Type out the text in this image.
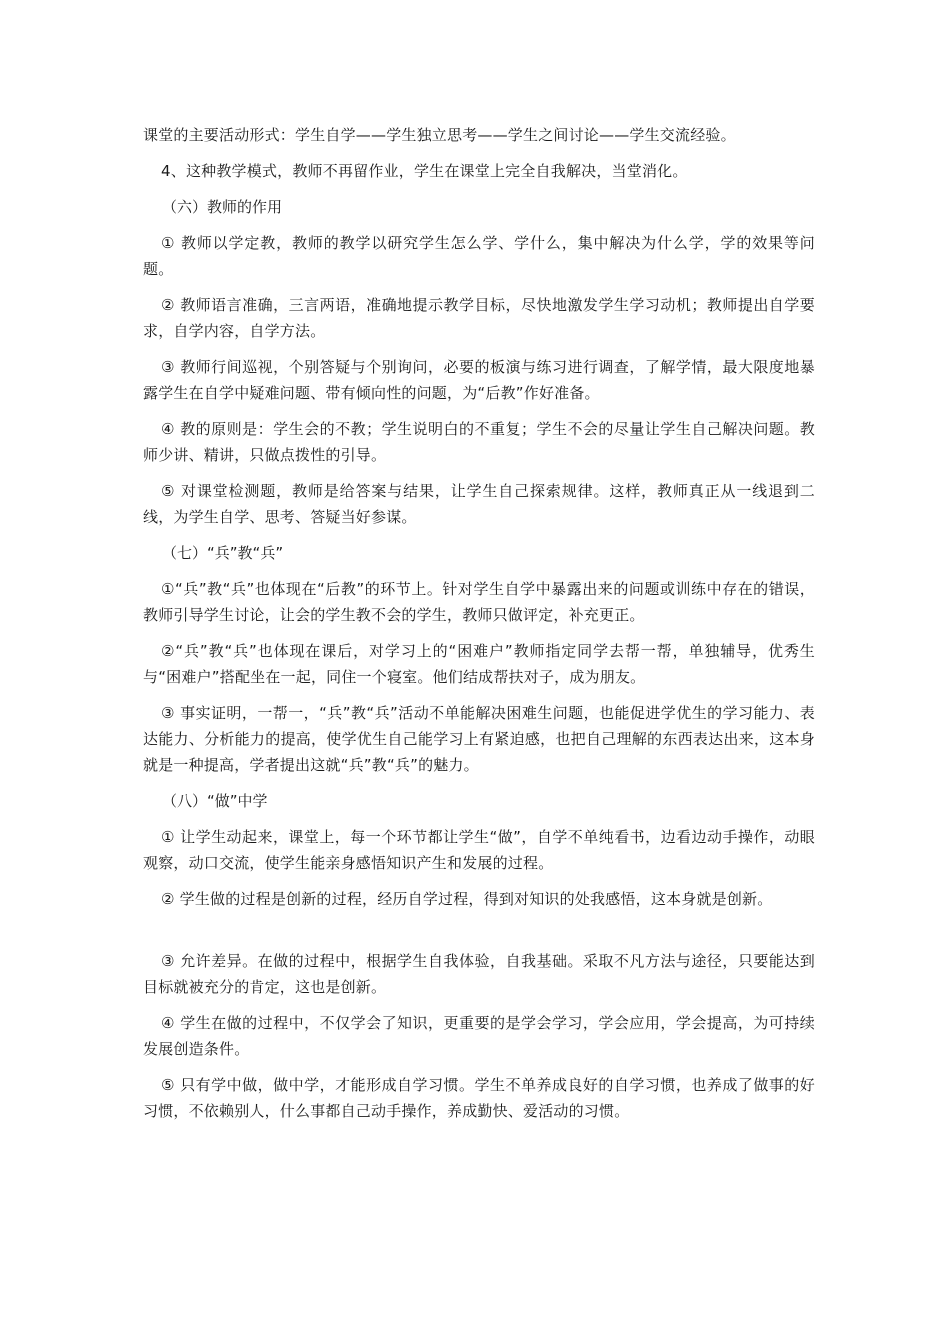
课堂的主要活动形式：学生自学——学生独立思考——学生之间讨论——学生交流经验。

4、这种教学模式，教师不再留作业，学生在课堂上完全自我解决，当堂消化。

（六）教师的作用

① 教师以学定教，教师的教学以研究学生怎么学、学什么，集中解决为什么学，学的效果等问题。

② 教师语言准确，三言两语，准确地提示教学目标，尽快地激发学生学习动机；教师提出自学要求，自学内容，自学方法。

③ 教师行间巡视，个别答疑与个别询问，必要的板演与练习进行调查，了解学情，最大限度地暴露学生在自学中疑难问题、带有倾向性的问题，为“后教”作好准备。

④ 教的原则是：学生会的不教；学生说明白的不重复；学生不会的尽量让学生自己解决问题。教师少讲、精讲，只做点拨性的引导。

⑤ 对课堂检测题，教师是给答案与结果，让学生自己探索规律。这样，教师真正从一线退到二线，为学生自学、思考、答疑当好参谋。

（七）“兵”教“兵”

①“兵”教“兵”也体现在“后教”的环节上。针对学生自学中暴露出来的问题或训练中存在的错误，教师引导学生讨论，让会的学生教不会的学生，教师只做评定，补充更正。

②“兵”教“兵”也体现在课后，对学习上的“困难户”教师指定同学去帮一帮，单独辅导，优秀生与“困难户”搭配坐在一起，同住一个寝室。他们结成帮扶对子，成为朋友。

③ 事实证明，一帮一，“兵”教“兵”活动不单能解决困难生问题，也能促进学优生的学习能力、表达能力、分析能力的提高，使学优生自己能学习上有紧迫感，也把自己理解的东西表达出来，这本身就是一种提高，学者提出这就“兵”教“兵”的魅力。

（八）“做”中学

① 让学生动起来，课堂上，每一个环节都让学生“做”，自学不单纯看书，边看边动手操作，动眼观察，动口交流，使学生能亲身感悟知识产生和发展的过程。

② 学生做的过程是创新的过程，经历自学过程，得到对知识的处我感悟，这本身就是创新。

③ 允许差异。在做的过程中，根据学生自我体验，自我基础。采取不凡方法与途径，只要能达到目标就被充分的肯定，这也是创新。

④ 学生在做的过程中，不仅学会了知识，更重要的是学会学习，学会应用，学会提高，为可持续发展创造条件。

⑤ 只有学中做，做中学，才能形成自学习惯。学生不单养成良好的自学习惯，也养成了做事的好习惯，不依赖别人，什么事都自己动手操作，养成勤快、爱活动的习惯。
